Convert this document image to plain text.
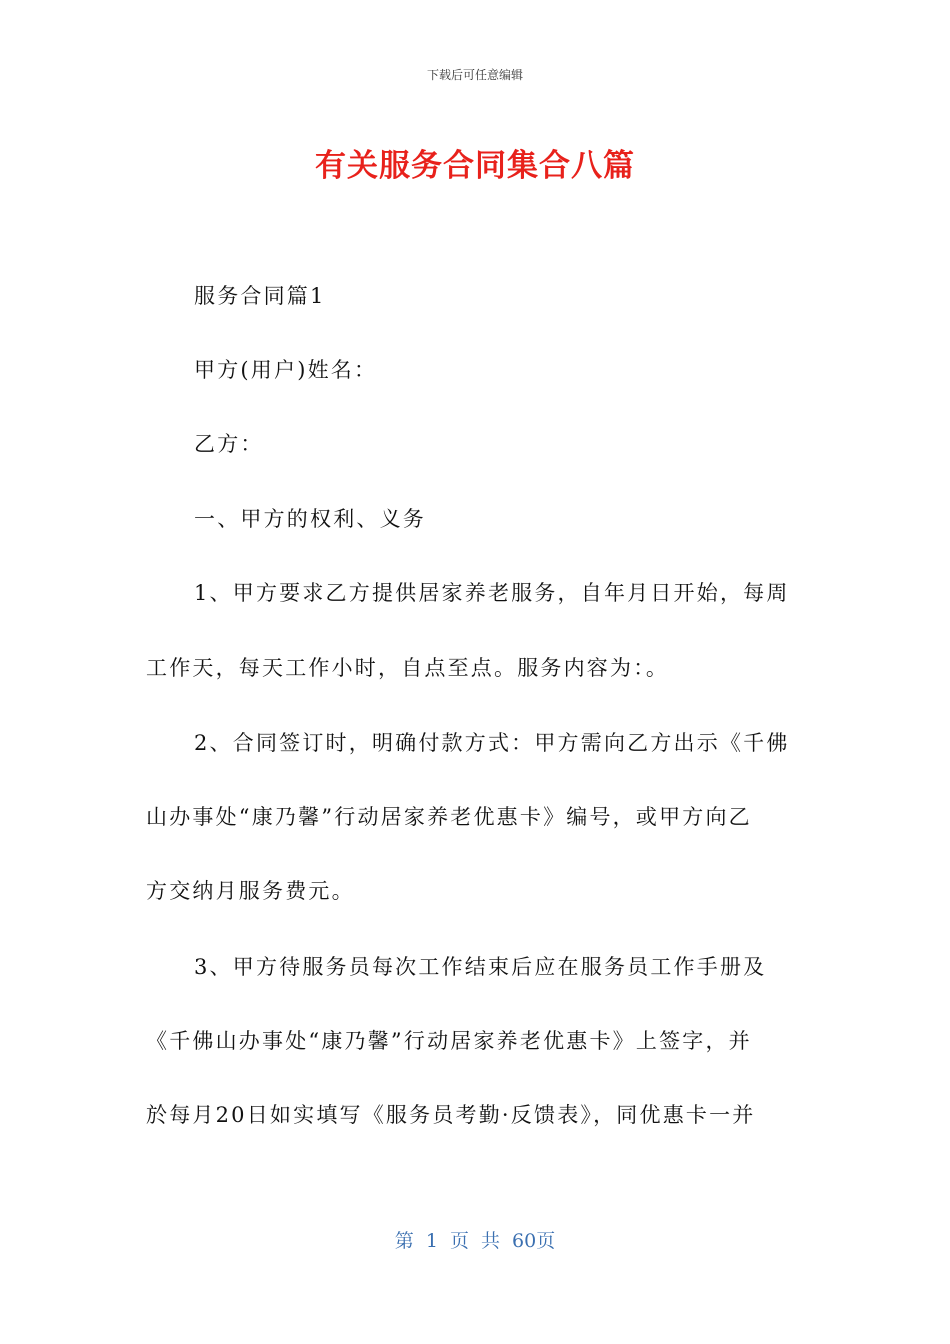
下载后可任意编辑
有关服务合同集合八篇
服务合同篇1
甲方(用户)姓名：
乙方：
一、甲方的权利、义务
1、甲方要求乙方提供居家养老服务，自年月日开始，每周
工作天，每天工作小时，自点至点。服务内容为：。
2、合同签订时，明确付款方式：甲方需向乙方出示《千佛
山办事处“康乃馨”行动居家养老优惠卡》编号，或甲方向乙
方交纳月服务费元。
3、甲方待服务员每次工作结束后应在服务员工作手册及
《千佛山办事处“康乃馨”行动居家养老优惠卡》上签字，并
於每月20日如实填写《服务员考勤·反馈表》，同优惠卡一并
第 1 页 共 60页
